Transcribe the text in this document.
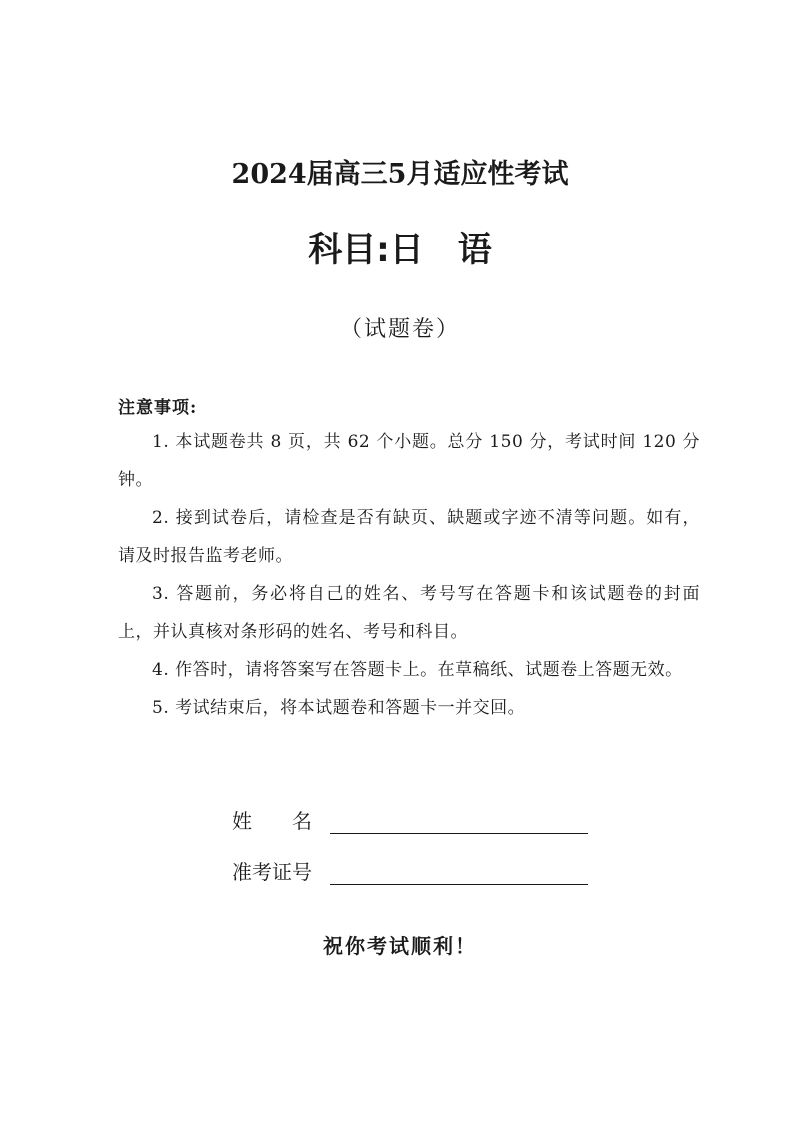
2024届高三5月适应性考试
科目:日　语
（试题卷）
注意事项:

1. 本试题卷共 8 页，共 62 个小题。总分 150 分，考试时间 120 分钟。

2. 接到试卷后，请检查是否有缺页、缺题或字迹不清等问题。如有，请及时报告监考老师。

3. 答题前，务必将自己的姓名、考号写在答题卡和该试题卷的封面上，并认真核对条形码的姓名、考号和科目。

4. 作答时，请将答案写在答题卡上。在草稿纸、试题卷上答题无效。

5. 考试结束后，将本试题卷和答题卡一并交回。

姓　　名
准考证号
祝你考试顺利！
